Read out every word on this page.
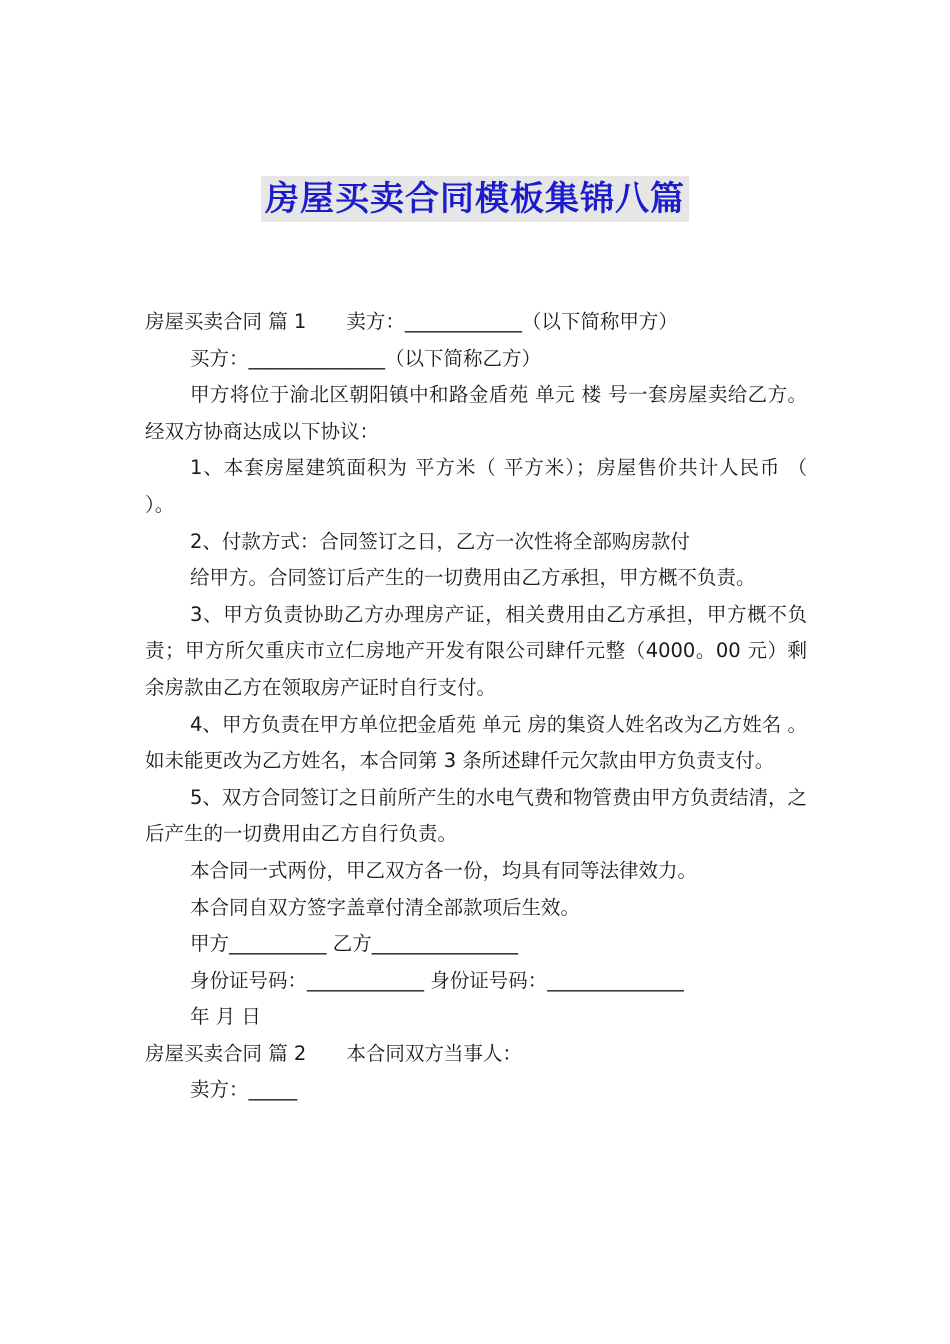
房屋买卖合同模板集锦八篇

房屋买卖合同 篇 1 卖方：____________（以下简称甲方）

买方：______________（以下简称乙方）

甲方将位于渝北区朝阳镇中和路金盾苑 单元 楼 号一套房屋卖给乙方。经双方协商达成以下协议：

1、本套房屋建筑面积为 平方米（ 平方米）；房屋售价共计人民币 （ ）。

2、付款方式：合同签订之日，乙方一次性将全部购房款付

给甲方。合同签订后产生的一切费用由乙方承担，甲方概不负责。

3、甲方负责协助乙方办理房产证，相关费用由乙方承担，甲方概不负责；甲方所欠重庆市立仁房地产开发有限公司肆仟元整（4000。00 元）剩余房款由乙方在领取房产证时自行支付。

4、甲方负责在甲方单位把金盾苑 单元 房的集资人姓名改为乙方姓名 。如未能更改为乙方姓名，本合同第 3 条所述肆仟元欠款由甲方负责支付。

5、双方合同签订之日前所产生的水电气费和物管费由甲方负责结清，之后产生的一切费用由乙方自行负责。

本合同一式两份，甲乙双方各一份，均具有同等法律效力。

本合同自双方签字盖章付清全部款项后生效。

甲方__________ 乙方_______________

身份证号码：____________ 身份证号码：______________

年 月 日

房屋买卖合同 篇 2 本合同双方当事人：

卖方：_____
